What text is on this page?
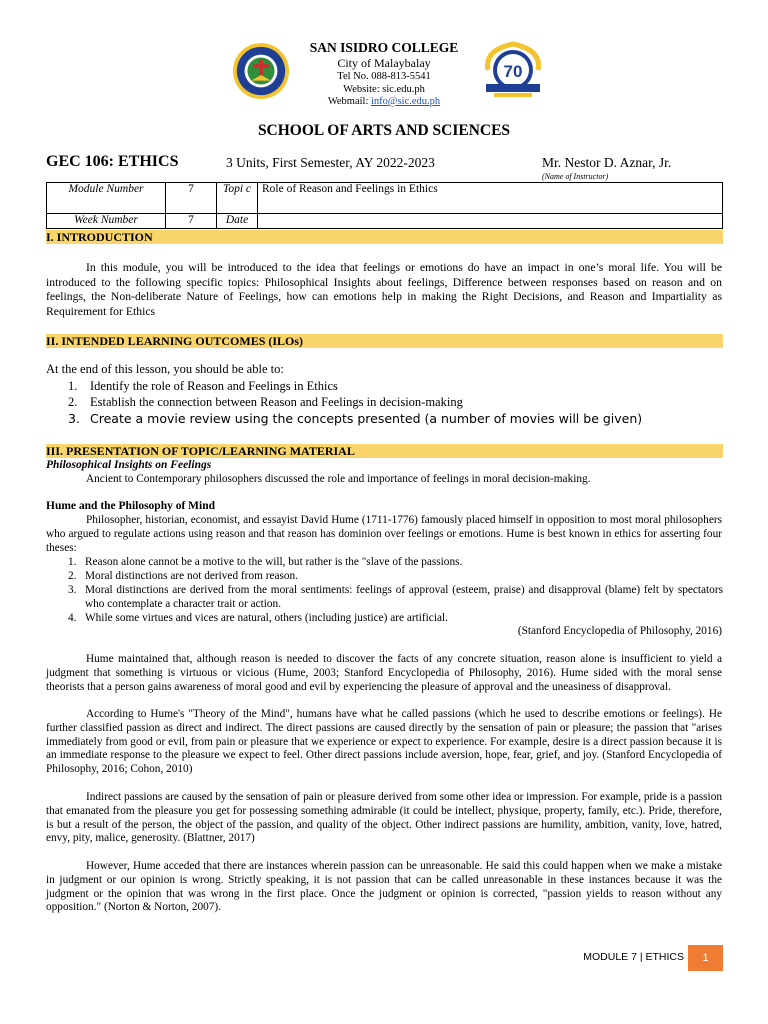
70
SAN ISIDRO COLLEGE
City of Malaybalay
Tel No. 088-813-5541
Website: sic.edu.ph
Webmail: info@sic.edu.ph
SCHOOL OF ARTS AND SCIENCES
GEC 106: ETHICS	3 Units, First Semester, AY 2022-2023	Mr. Nestor D. Aznar, Jr.
(Name of Instructor)
Module Number	7	Topi c	Role of Reason and Feelings in Ethics
Week Number	7	Date	
I. INTRODUCTION
In this module, you will be introduced to the idea that feelings or emotions do have an impact in one’s moral life. You will be introduced to the following specific topics: Philosophical Insights about feelings, Difference between responses based on reason and on feelings, the Non-deliberate Nature of Feelings, how can emotions help in making the Right Decisions, and Reason and Impartiality as Requirement for Ethics
II. INTENDED LEARNING OUTCOMES (ILOs)
At the end of this lesson, you should be able to:
1. Identify the role of Reason and Feelings in Ethics
2. Establish the connection between Reason and Feelings in decision-making
3. Create a movie review using the concepts presented (a number of movies will be given)
III. PRESENTATION OF TOPIC/LEARNING MATERIAL
Philosophical Insights on Feelings
Ancient to Contemporary philosophers discussed the role and importance of feelings in moral decision-making.
Hume and the Philosophy of Mind
Philosopher, historian, economist, and essayist David Hume (1711-1776) famously placed himself in opposition to most moral philosophers who argued to regulate actions using reason and that reason has dominion over feelings or emotions. Hume is best known in ethics for asserting four theses:
1. Reason alone cannot be a motive to the will, but rather is the "slave of the passions.
2. Moral distinctions are not derived from reason.
3. Moral distinctions are derived from the moral sentiments: feelings of approval (esteem, praise) and disapproval (blame) felt by spectators who contemplate a character trait or action.
4. While some virtues and vices are natural, others (including justice) are artificial.
(Stanford Encyclopedia of Philosophy, 2016)
Hume maintained that, although reason is needed to discover the facts of any concrete situation, reason alone is insufficient to yield a judgment that something is virtuous or vicious (Hume, 2003; Stanford Encyclopedia of Philosophy, 2016). Hume sided with the moral sense theorists that a person gains awareness of moral good and evil by experiencing the pleasure of approval and the uneasiness of disapproval.
According to Hume's "Theory of the Mind", humans have what he called passions (which he used to describe emotions or feelings). He further classified passion as direct and indirect. The direct passions are caused directly by the sensation of pain or pleasure; the passion that "arises immediately from good or evil, from pain or pleasure that we experience or expect to experience. For example, desire is a direct passion because it is an immediate response to the pleasure we expect to feel. Other direct passions include aversion, hope, fear, grief, and joy. (Stanford Encyclopedia of Philosophy, 2016; Cohon, 2010)
Indirect passions are caused by the sensation of pain or pleasure derived from some other idea or impression. For example, pride is a passion that emanated from the pleasure you get for possessing something admirable (it could be intellect, physique, property, family, etc.). Pride, therefore, is but a result of the person, the object of the passion, and quality of the object. Other indirect passions are humility, ambition, vanity, love, hatred, envy, pity, malice, generosity. (Blattner, 2017)
However, Hume acceded that there are instances wherein passion can be unreasonable. He said this could happen when we make a mistake in judgment or our opinion is wrong. Strictly speaking, it is not passion that can be called unreasonable in these instances because it was the judgment or the opinion that was wrong in the first place. Once the judgment or opinion is corrected, "passion yields to reason without any opposition." (Norton & Norton, 2007).
MODULE 7 | ETHICS	1
